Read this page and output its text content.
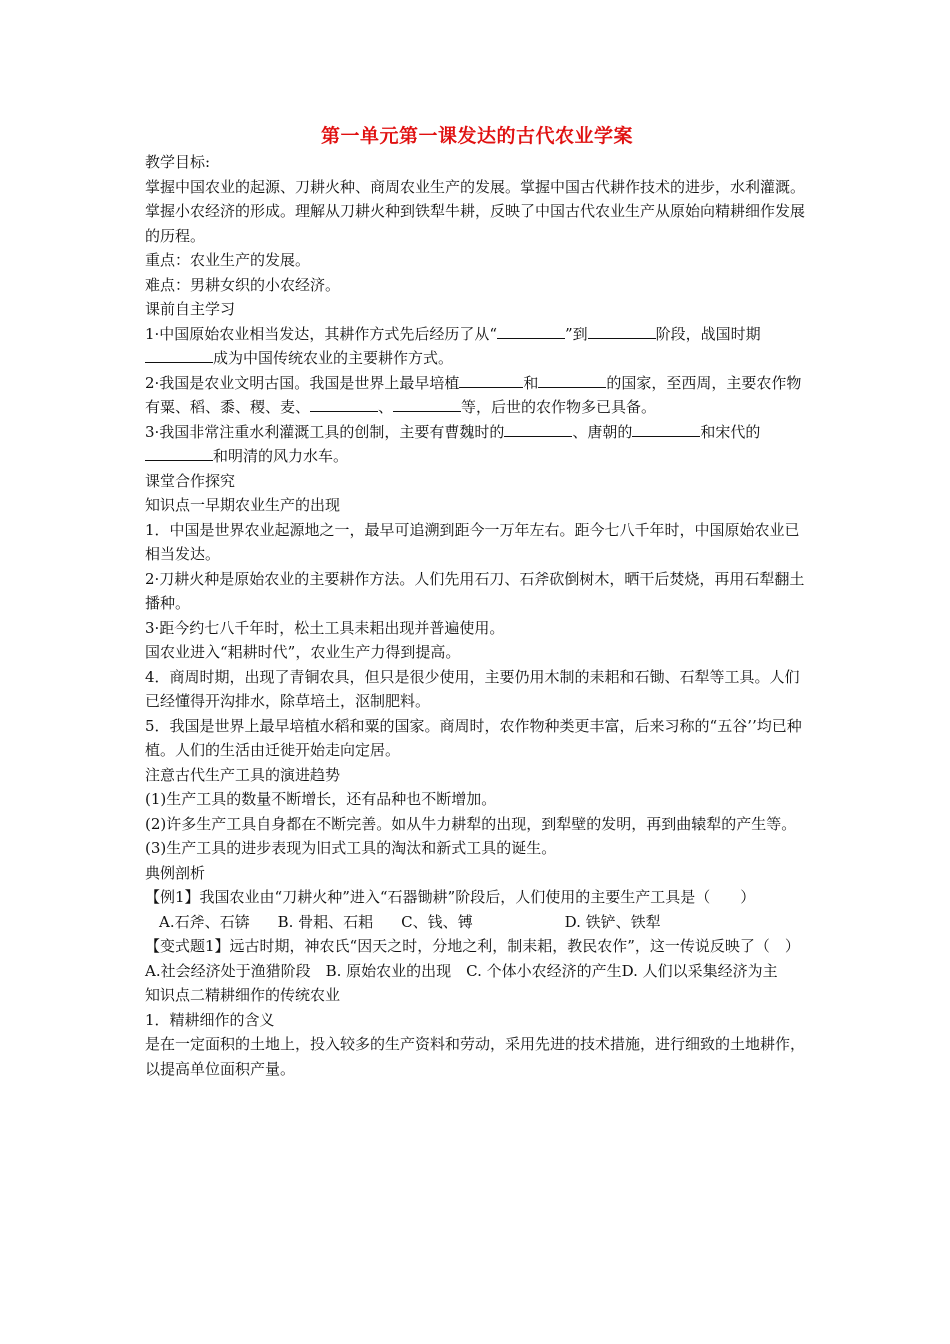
第一单元第一课发达的古代农业学案

教学目标:

掌握中国农业的起源、刀耕火种、商周农业生产的发展。掌握中国古代耕作技术的进步，水利灌溉。

掌握小农经济的形成。理解从刀耕火种到铁犁牛耕，反映了中国古代农业生产从原始向精耕细作发展的历程。

重点：农业生产的发展。

难点：男耕女织的小农经济。

课前自主学习

1·中国原始农业相当发达，其耕作方式先后经历了从“	”到	阶段，战国时期成为中国传统农业的主要耕作方式。

2·我国是农业文明古国。我国是世界上最早培植	和	的国家，至西周，主要农作物有粟、稻、黍、稷、麦、	、	等，后世的农作物多已具备。

3·我国非常注重水利灌溉工具的创制，主要有曹魏时的	、唐朝的	和宋代的和明清的风力水车。

课堂合作探究

知识点一早期农业生产的出现

1．中国是世界农业起源地之一，最早可追溯到距今一万年左右。距今七八千年时，中国原始农业已相当发达。

2·刀耕火种是原始农业的主要耕作方法。人们先用石刀、石斧砍倒树木，晒干后焚烧，再用石犁翻土播种。

3·距今约七八千年时，松土工具耒耜出现并普遍使用。

国农业进入“耜耕时代”，农业生产力得到提高。

4．商周时期，出现了青铜农具，但只是很少使用，主要仍用木制的耒耜和石锄、石犁等工具。人们已经懂得开沟排水，除草培土，沤制肥料。

5．我国是世界上最早培植水稻和粟的国家。商周时，农作物种类更丰富，后来习称的“五谷’’均已种植。人们的生活由迁徙开始走向定居。

注意古代生产工具的演进趋势

(1)生产工具的数量不断增长，还有品种也不断增加。

(2)许多生产工具自身都在不断完善。如从牛力耕犁的出现，到犁壁的发明，再到曲辕犁的产生等。

(3)生产工具的进步表现为旧式工具的淘汰和新式工具的诞生。

典例剖析

【例1】我国农业由“刀耕火种”进入“石器锄耕”阶段后，人们使用的主要生产工具是（　　）

A.石斧、石锛 B. 骨耜、石耜 C、钱、镈	D. 铁铲、铁犁

【变式题1】远古时期，神农氏“因天之时，分地之利，制耒耜，教民农作”，这一传说反映了（　）

A.社会经济处于渔猎阶段　B. 原始农业的出现　C. 个体小农经济的产生D. 人们以采集经济为主

知识点二精耕细作的传统农业

1．精耕细作的含义

是在一定面积的土地上，投入较多的生产资料和劳动，采用先进的技术措施，进行细致的土地耕作，以提高单位面积产量。
